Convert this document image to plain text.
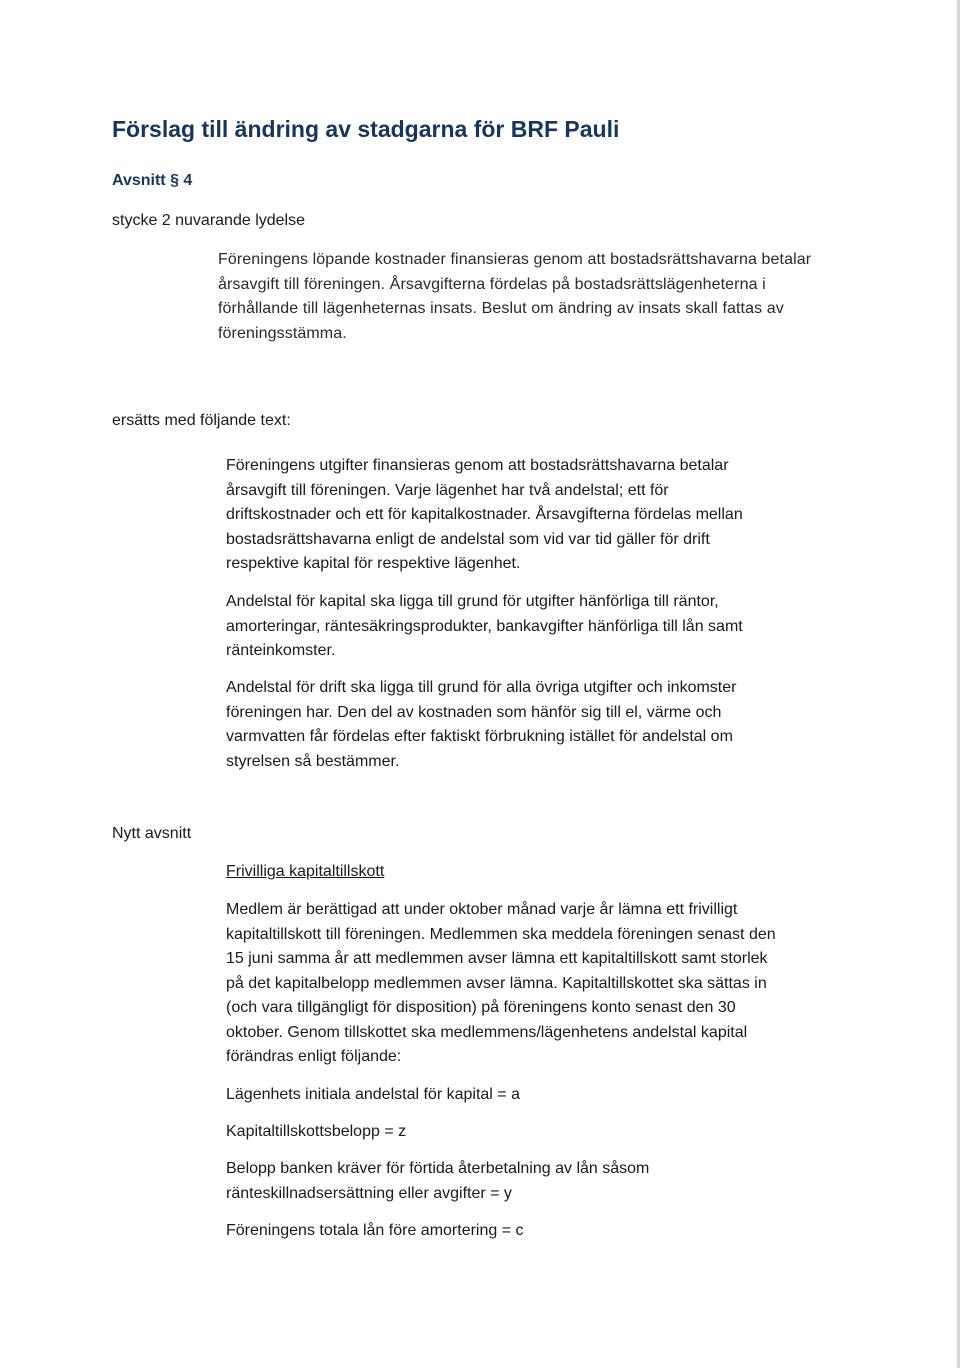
Förslag till ändring av stadgarna för BRF Pauli
Avsnitt § 4
stycke 2 nuvarande lydelse
Föreningens löpande kostnader finansieras genom att bostadsrättshavarna betalar
årsavgift till föreningen. Årsavgifterna fördelas på bostadsrättslägenheterna i
förhållande till lägenheternas insats. Beslut om ändring av insats skall fattas av
föreningsstämma.
ersätts med följande text:
Föreningens utgifter finansieras genom att bostadsrättshavarna betalar
årsavgift till föreningen. Varje lägenhet har två andelstal; ett för
driftskostnader och ett för kapitalkostnader. Årsavgifterna fördelas mellan
bostadsrättshavarna enligt de andelstal som vid var tid gäller för drift
respektive kapital för respektive lägenhet.
Andelstal för kapital ska ligga till grund för utgifter hänförliga till räntor,
amorteringar, räntesäkringsprodukter, bankavgifter hänförliga till lån samt
ränteinkomster.
Andelstal för drift ska ligga till grund för alla övriga utgifter och inkomster
föreningen har. Den del av kostnaden som hänför sig till el, värme och
varmvatten får fördelas efter faktiskt förbrukning istället för andelstal om
styrelsen så bestämmer.
Nytt avsnitt
Frivilliga kapitaltillskott
Medlem är berättigad att under oktober månad varje år lämna ett frivilligt
kapitaltillskott till föreningen. Medlemmen ska meddela föreningen senast den
15 juni samma år att medlemmen avser lämna ett kapitaltillskott samt storlek
på det kapitalbelopp medlemmen avser lämna. Kapitaltillskottet ska sättas in
(och vara tillgängligt för disposition) på föreningens konto senast den 30
oktober. Genom tillskottet ska medlemmens/lägenhetens andelstal kapital
förändras enligt följande:
Lägenhets initiala andelstal för kapital = a
Kapitaltillskottsbelopp = z
Belopp banken kräver för förtida återbetalning av lån såsom
ränteskillnadsersättning eller avgifter = y
Föreningens totala lån före amortering = c
